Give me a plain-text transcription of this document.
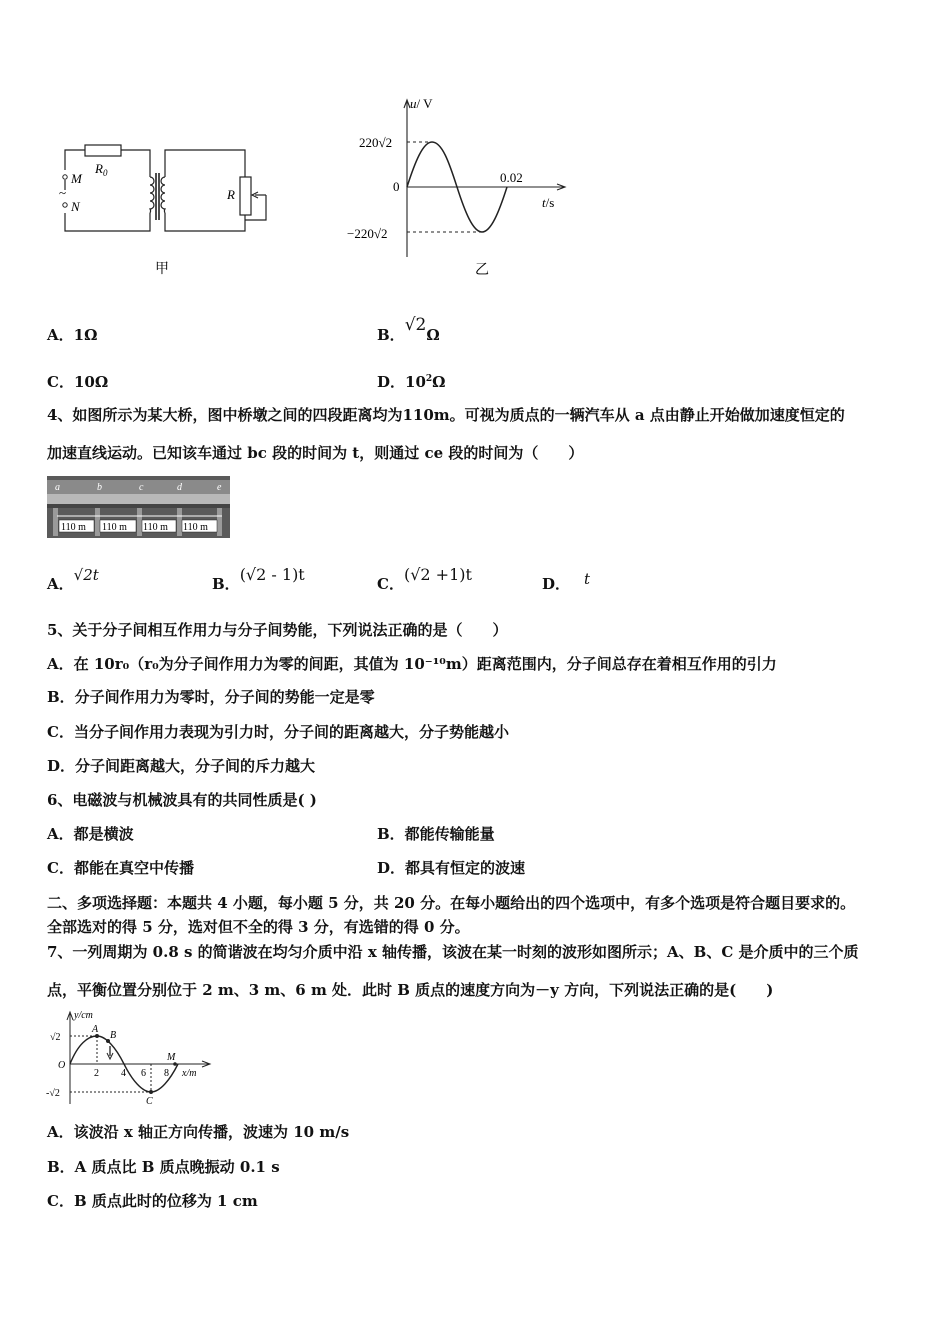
$R_0$
M
~
N
R
甲
u/ V
220√2
0
−220√2
0.02
t/s
乙
A．1Ω	B．√2Ω
C．10Ω	D．$10^2\Omega$
4、如图所示为某大桥，图中桥墩之间的四段距离均为110m。可视为质点的一辆汽车从 a 点由静止开始做加速度恒定的
加速直线运动。已知该车通过 bc 段的时间为 t，则通过 ce 段的时间为（　　）
110 m 110 m 110 m 110 m
a	b	c	d	e
A．√2t	B．(√2 - 1)t	C．(√2 +1)t	D． t
5、关于分子间相互作用力与分子间势能，下列说法正确的是（　　）
A．在 10r₀（r₀为分子间作用力为零的间距，其值为 10⁻¹⁰m）距离范围内，分子间总存在着相互作用的引力
B．分子间作用力为零时，分子间的势能一定是零
C．当分子间作用力表现为引力时，分子间的距离越大，分子势能越小
D．分子间距离越大，分子间的斥力越大
6、电磁波与机械波具有的共同性质是( )
A．都是横波	B．都能传输能量
C．都能在真空中传播	D．都具有恒定的波速
二、多项选择题：本题共 4 小题，每小题 5 分，共 20 分。在每小题给出的四个选项中，有多个选项是符合题目要求的。
全部选对的得 5 分，选对但不全的得 3 分，有选错的得 0 分。
7、一列周期为 0.8 s 的简谐波在均匀介质中沿 x 轴传播，该波在某一时刻的波形如图所示；A、B、C 是介质中的三个质
点，平衡位置分别位于 2 m、3 m、6 m 处．此时 B 质点的速度方向为－y 方向，下列说法正确的是(　　)
y/cm
√2
O
-√2
x/m
2 4 6 8
A
B
C
M
A．该波沿 x 轴正方向传播，波速为 10 m/s
B．A 质点比 B 质点晚振动 0.1 s
C．B 质点此时的位移为 1 cm
